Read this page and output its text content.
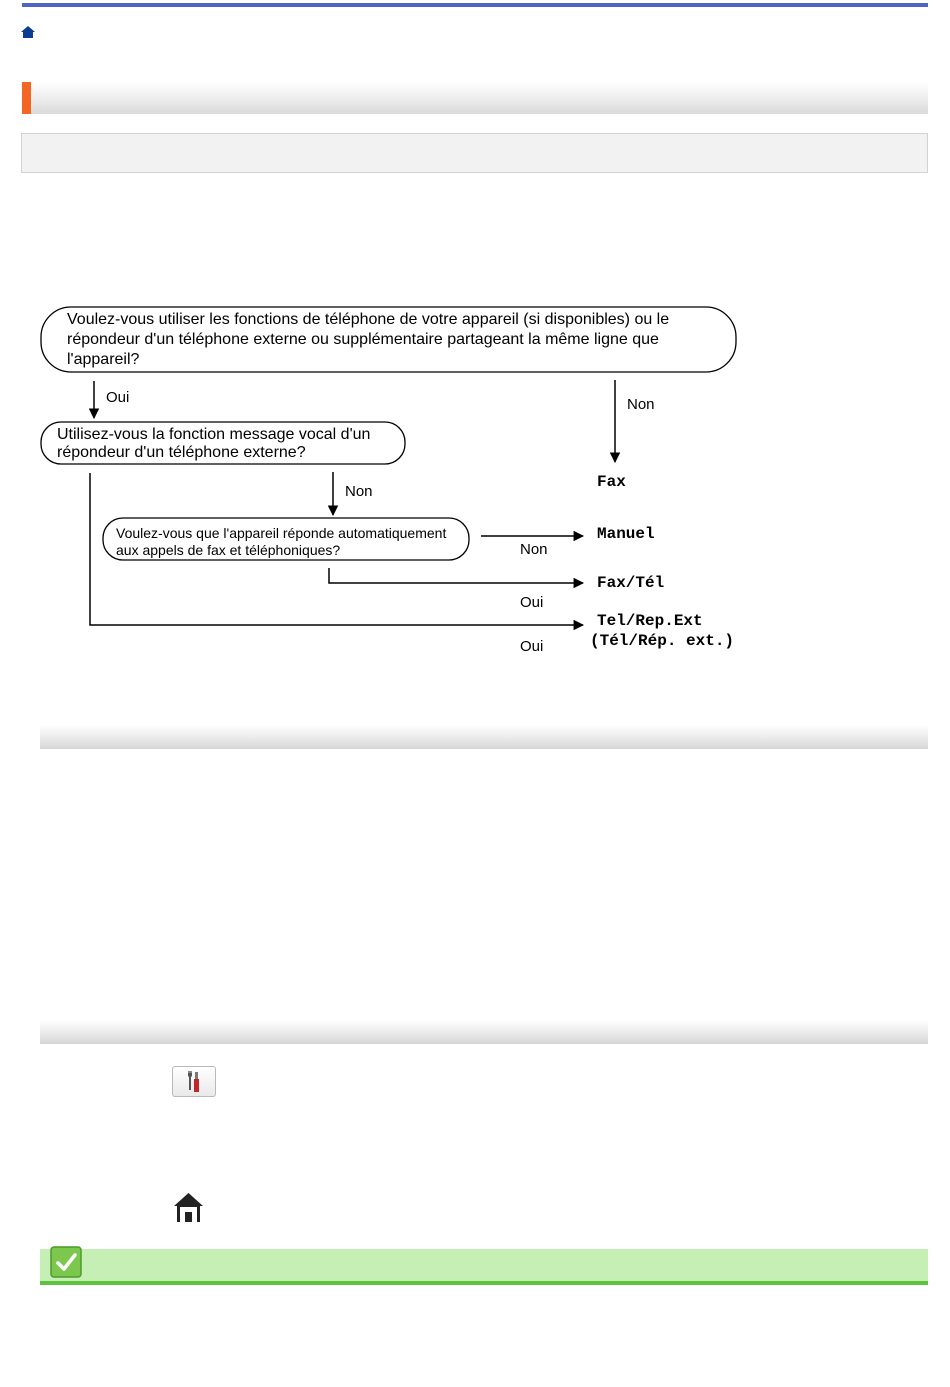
Voulez-vous utiliser les fonctions de téléphone de votre appareil (si disponibles) ou le répondeur d'un téléphone externe ou supplémentaire partageant la même ligne que l'appareil?
Utilisez-vous la fonction message vocal d'un répondeur d'un téléphone externe?
Voulez-vous que l'appareil réponde automatiquement aux appels de fax et téléphoniques?
Oui	Non
Non
Non
Oui
Oui
Fax
Manuel
Fax/Tél
Tel/Rep.Ext
(Tél/Rép. ext.)
